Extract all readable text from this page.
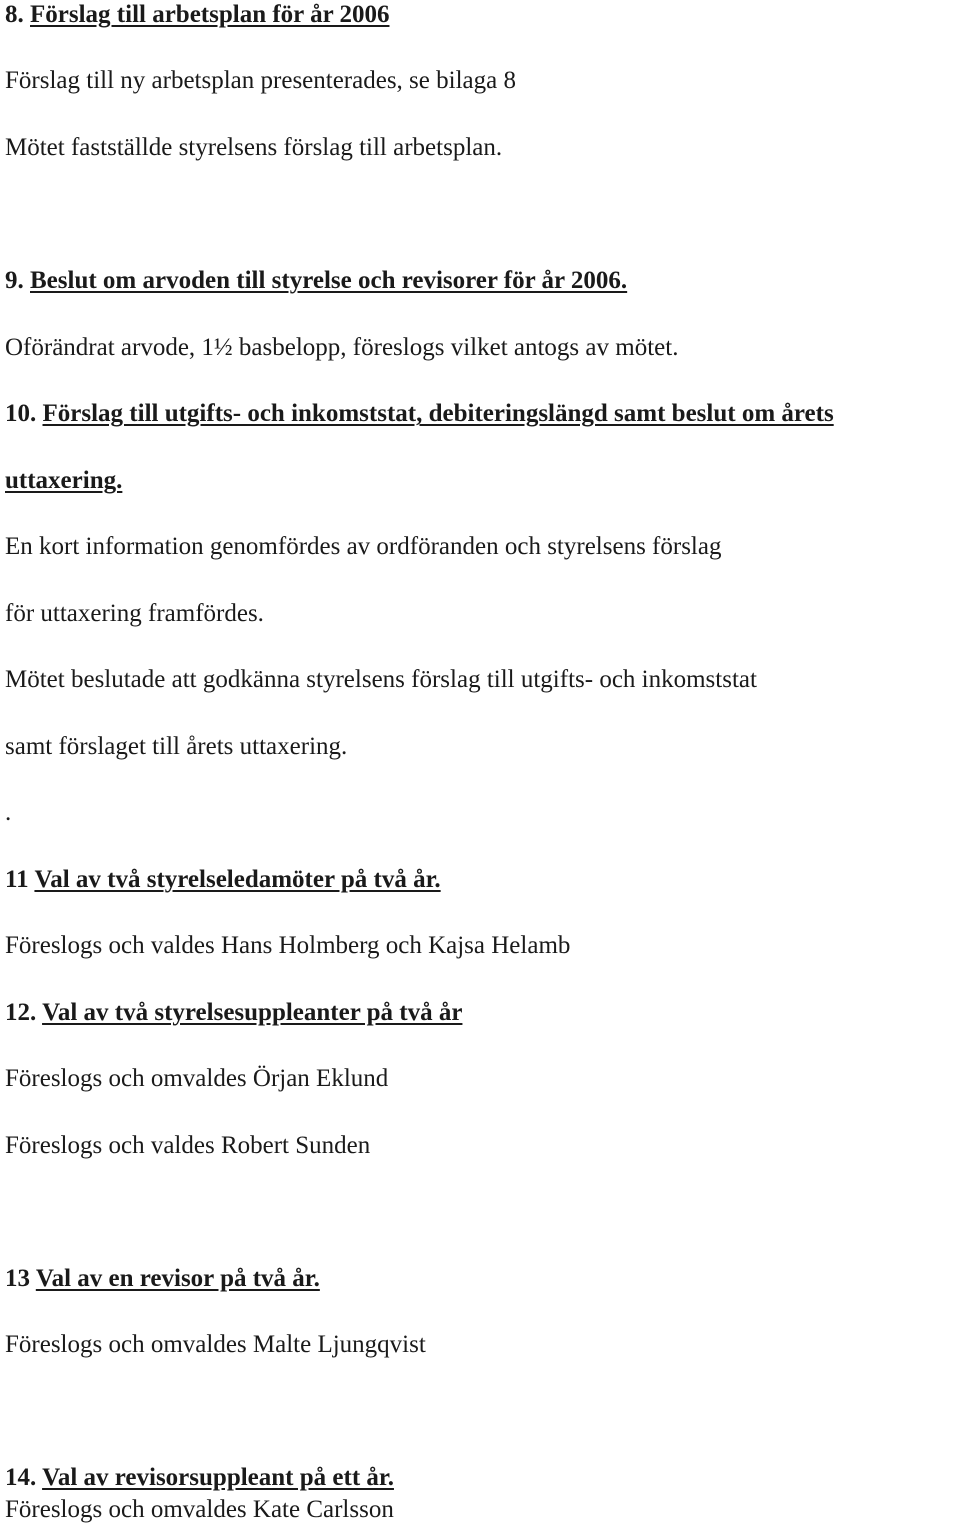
8. Förslag till arbetsplan för år 2006
Förslag till ny arbetsplan presenterades, se bilaga 8
Mötet fastställde styrelsens förslag till arbetsplan.
9. Beslut om arvoden till styrelse och revisorer för år 2006.
Oförändrat arvode, 1½ basbelopp, föreslogs vilket antogs av mötet.
10. Förslag till utgifts- och inkomststat, debiteringslängd samt beslut om årets
uttaxering.
En kort information genomfördes av ordföranden och styrelsens förslag
för uttaxering framfördes.
Mötet beslutade att godkänna styrelsens förslag till utgifts- och inkomststat
samt förslaget till årets uttaxering.
.
11 Val av två styrelseledamöter på två år.
Föreslogs och valdes Hans Holmberg och Kajsa Helamb
12. Val av två styrelsesuppleanter på två år
Föreslogs och omvaldes Örjan Eklund
Föreslogs och valdes Robert Sunden
13 Val av en revisor på två år.
Föreslogs och omvaldes Malte Ljungqvist
14. Val av revisorsuppleant på ett år.
Föreslogs och omvaldes Kate Carlsson
